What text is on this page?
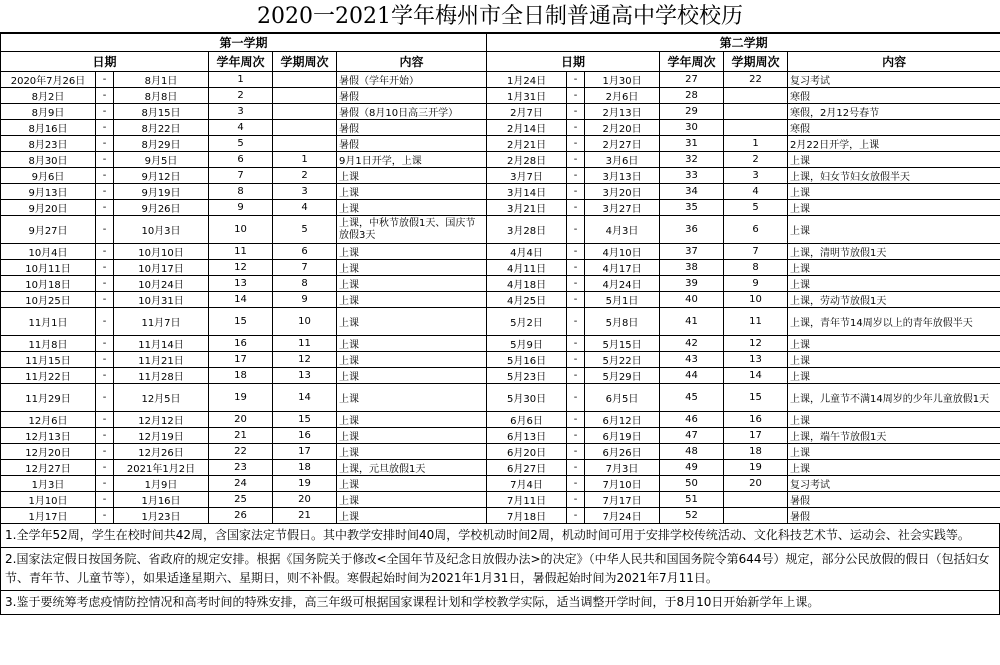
2020一2021学年梅州市全日制普通高中学校校历
第一学期						第二学期					
日期			学年周次	学期周次	内容	日期			学年周次	学期周次	内容
2020年7月26日	-	8月1日	1		暑假（学年开始）	1月24日	-	1月30日	27	22	复习考试
8月2日	-	8月8日	2		暑假	1月31日	-	2月6日	28		寒假
8月9日	-	8月15日	3		暑假（8月10日高三开学）	2月7日	-	2月13日	29		寒假，2月12号春节
8月16日	-	8月22日	4		暑假	2月14日	-	2月20日	30		寒假
8月23日	-	8月29日	5		暑假	2月21日	-	2月27日	31	1	2月22日开学，上课
8月30日	-	9月5日	6	1	9月1日开学，上课	2月28日	-	3月6日	32	2	上课
9月6日	-	9月12日	7	2	上课	3月7日	-	3月13日	33	3	上课，妇女节妇女放假半天
9月13日	-	9月19日	8	3	上课	3月14日	-	3月20日	34	4	上课
9月20日	-	9月26日	9	4	上课	3月21日	-	3月27日	35	5	上课
9月27日	-	10月3日	10	5	上课，中秋节放假1天、国庆节放假3天	3月28日	-	4月3日	36	6	上课
10月4日	-	10月10日	11	6	上课	4月4日	-	4月10日	37	7	上课，清明节放假1天
10月11日	-	10月17日	12	7	上课	4月11日	-	4月17日	38	8	上课
10月18日	-	10月24日	13	8	上课	4月18日	-	4月24日	39	9	上课
10月25日	-	10月31日	14	9	上课	4月25日	-	5月1日	40	10	上课，劳动节放假1天
11月1日	-	11月7日	15	10	上课	5月2日	-	5月8日	41	11	上课，青年节14周岁以上的青年放假半天
11月8日	-	11月14日	16	11	上课	5月9日	-	5月15日	42	12	上课
11月15日	-	11月21日	17	12	上课	5月16日	-	5月22日	43	13	上课
11月22日	-	11月28日	18	13	上课	5月23日	-	5月29日	44	14	上课
11月29日	-	12月5日	19	14	上课	5月30日	-	6月5日	45	15	上课，儿童节不满14周岁的少年儿童放假1天
12月6日	-	12月12日	20	15	上课	6月6日	-	6月12日	46	16	上课
12月13日	-	12月19日	21	16	上课	6月13日	-	6月19日	47	17	上课，端午节放假1天
12月20日	-	12月26日	22	17	上课	6月20日	-	6月26日	48	18	上课
12月27日	-	2021年1月2日	23	18	上课，元旦放假1天	6月27日	-	7月3日	49	19	上课
1月3日	-	1月9日	24	19	上课	7月4日	-	7月10日	50	20	复习考试
1月10日	-	1月16日	25	20	上课	7月11日	-	7月17日	51		暑假
1月17日	-	1月23日	26	21	上课	7月18日	-	7月24日	52		暑假
1.全学年52周，学生在校时间共42周，含国家法定节假日。其中教学安排时间40周，学校机动时间2周，机动时间可用于安排学校传统活动、文化科技艺术节、运动会、社会实践等。
2.国家法定假日按国务院、省政府的规定安排。根据《国务院关于修改<全国年节及纪念日放假办法>的决定》（中华人民共和国国务院令第644号）规定，部分公民放假的假日（包括妇女节、青年节、儿童节等），如果适逢星期六、星期日，则不补假。寒假起始时间为2021年1月31日，暑假起始时间为2021年7月11日。
3.鉴于要统筹考虑疫情防控情况和高考时间的特殊安排，高三年级可根据国家课程计划和学校教学实际，适当调整开学时间，于8月10日开始新学年上课。
